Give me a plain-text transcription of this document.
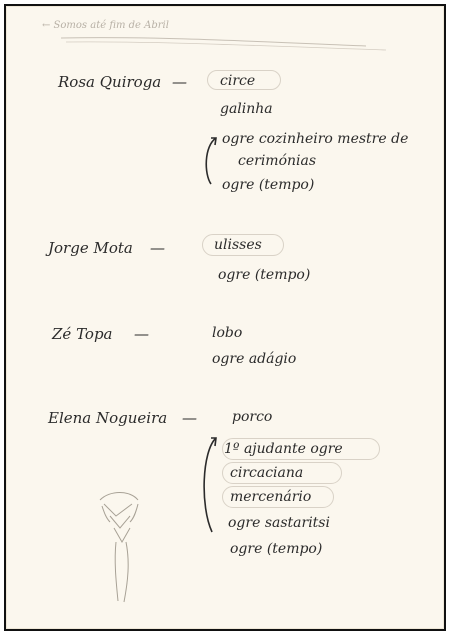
← Somos até fim de Abril
Rosa Quiroga — circe
galinha
ogre cozinheiro mestre de
cerimónias
ogre (tempo)
Jorge Mota —	ulisses
ogre (tempo)
Zé Topa —	lobo
ogre adágio
Elena Nogueira —	porco
1º ajudante ogre
circaciana
mercenário
ogre sastaritsi
ogre (tempo)
